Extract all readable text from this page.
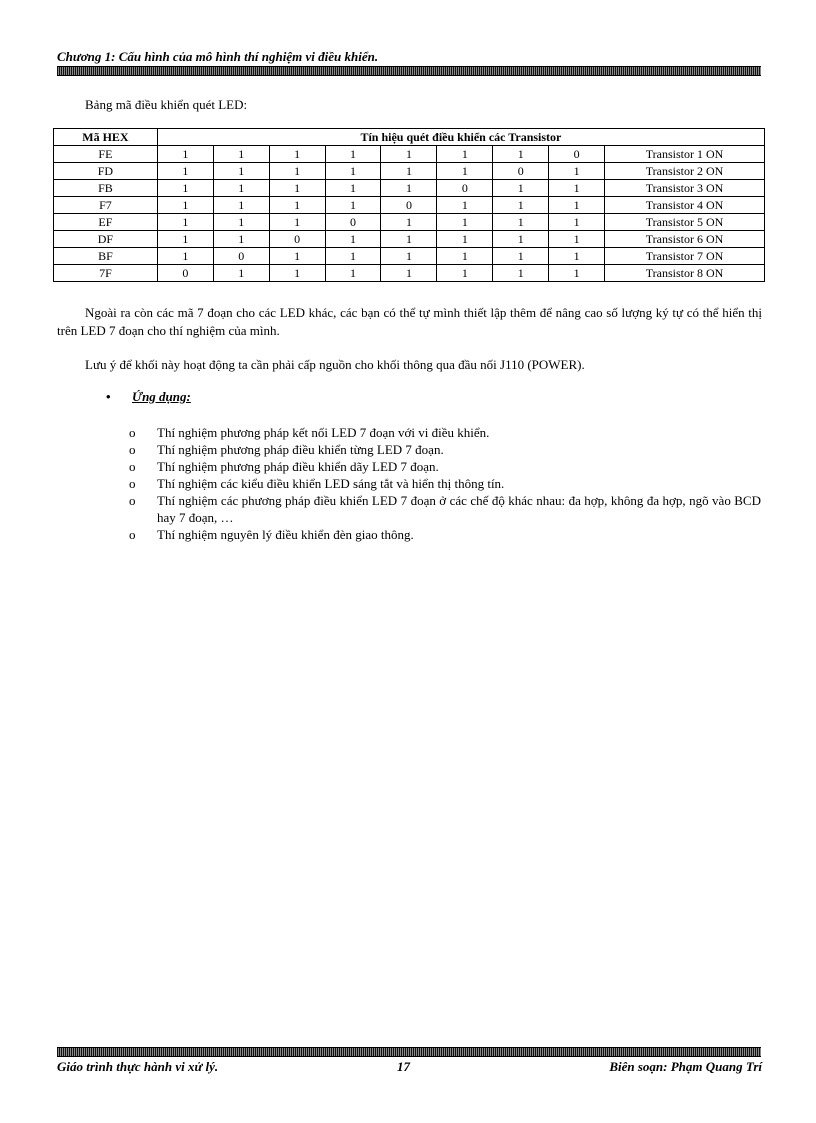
Chương 1: Cấu hình của mô hình thí nghiệm vi điều khiển.
Bảng mã điều khiển quét LED:
Mã HEX	Tín hiệu quét điều khiển các Transistor								
FE	1	1	1	1	1	1	1	0	Transistor 1 ON
FD	1	1	1	1	1	1	0	1	Transistor 2 ON
FB	1	1	1	1	1	0	1	1	Transistor 3 ON
F7	1	1	1	1	0	1	1	1	Transistor 4 ON
EF	1	1	1	0	1	1	1	1	Transistor 5 ON
DF	1	1	0	1	1	1	1	1	Transistor 6 ON
BF	1	0	1	1	1	1	1	1	Transistor 7 ON
7F	0	1	1	1	1	1	1	1	Transistor 8 ON
Ngoài ra còn các mã 7 đoạn cho các LED khác, các bạn có thể tự mình thiết lập thêm để nâng cao số lượng ký tự có thể hiển thị trên LED 7 đoạn cho thí nghiệm của mình.
Lưu ý để khối này hoạt động ta cần phải cấp nguồn cho khối thông qua đầu nối J110 (POWER).
• Ứng dụng:
o Thí nghiệm phương pháp kết nối LED 7 đoạn với vi điều khiển.
o Thí nghiệm phương pháp điều khiển từng LED 7 đoạn.
o Thí nghiệm phương pháp điều khiển dãy LED 7 đoạn.
o Thí nghiệm các kiểu điều khiển LED sáng tắt và hiển thị thông tín.
o Thí nghiệm các phương pháp điều khiển LED 7 đoạn ở các chế độ khác nhau: đa hợp, không đa hợp, ngõ vào BCD hay 7 đoạn, …
o Thí nghiệm nguyên lý điều khiển đèn giao thông.
Giáo trình thực hành vi xử lý.	17	Biên soạn: Phạm Quang Trí
